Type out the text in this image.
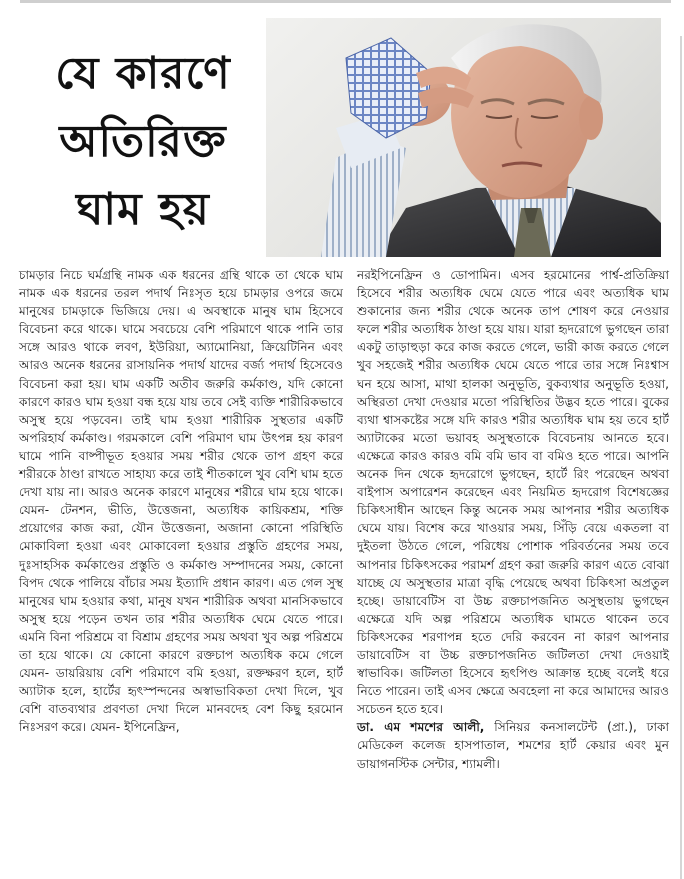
যে কারণে
অতিরিক্ত
ঘাম হয়

চামড়ার নিচে ঘর্মগ্রন্থি নামক এক ধরনের গ্রন্থি থাকে তা থেকে ঘাম নামক এক ধরনের তরল পদার্থ নিঃসৃত হয়ে চামড়ার ওপরে জমে মানুষের চামড়াকে ভিজিয়ে দেয়। এ অবস্থাকে মানুষ ঘাম হিসেবে বিবেচনা করে থাকে। ঘামে সবচেয়ে বেশি পরিমাণে থাকে পানি তার সঙ্গে আরও থাকে লবণ, ইউরিয়া, অ্যামোনিয়া, ক্রিয়েটিনিন এবং আরও অনেক ধরনের রাসায়নিক পদার্থ যাদের বর্জ্য পদার্থ হিসেবেও বিবেচনা করা হয়। ঘাম একটি অতীব জরুরি কর্মকাণ্ড, যদি কোনো কারণে কারও ঘাম হওয়া বন্ধ হয়ে যায় তবে সেই ব্যক্তি শারীরিকভাবে অসুস্থ হয়ে পড়বেন। তাই ঘাম হওয়া শারীরিক সুস্থতার একটি অপরিহার্য কর্মকাণ্ড। গরমকালে বেশি পরিমাণ ঘাম উৎপন্ন হয় কারণ ঘামে পানি বাষ্পীভূত হওয়ার সময় শরীর থেকে তাপ গ্রহণ করে শরীরকে ঠাণ্ডা রাখতে সাহায্য করে তাই শীতকালে খুব বেশি ঘাম হতে দেখা যায় না। আরও অনেক কারণে মানুষের শরীরে ঘাম হয়ে থাকে। যেমন- টেনশন, ভীতি, উত্তেজনা, অত্যধিক কায়িকশ্রম, শক্তি প্রয়োগের কাজ করা, যৌন উত্তেজনা, অজানা কোনো পরিস্থিতি মোকাবিলা হওয়া এবং মোকাবেলা হওয়ার প্রস্তুতি গ্রহণের সময়, দুঃসাহসিক কর্মকাণ্ডের প্রস্তুতি ও কর্মকাণ্ড সম্পাদনের সময়, কোনো বিপদ থেকে পালিয়ে বাঁচার সময় ইত্যাদি প্রধান কারণ। এত গেল সুস্থ মানুষের ঘাম হওয়ার কথা, মানুষ যখন শারীরিক অথবা মানসিকভাবে অসুস্থ হয়ে পড়েন তখন তার শরীর অত্যধিক ঘেমে যেতে পারে। এমনি বিনা পরিশ্রমে বা বিশ্রাম গ্রহণের সময় অথবা খুব অল্প পরিশ্রমে তা হয়ে থাকে। যে কোনো কারণে রক্তচাপ অত্যধিক কমে গেলে যেমন- ডায়রিয়ায় বেশি পরিমাণে বমি হওয়া, রক্তক্ষরণ হলে, হার্ট অ্যাটাক হলে, হার্টের হৃৎস্পন্দনের অস্বাভাবিকতা দেখা দিলে, খুব বেশি বাতব্যথার প্রবণতা দেখা দিলে মানবদেহ বেশ কিছু হরমোন নিঃসরণ করে। যেমন- ইপিনেফ্রিন,

নরইপিনেফ্রিন ও ডোপামিন। এসব হরমোনের পার্শ্ব-প্রতিক্রিয়া হিসেবে শরীর অত্যধিক ঘেমে যেতে পারে এবং অত্যধিক ঘাম শুকানোর জন্য শরীর থেকে অনেক তাপ শোষণ করে নেওয়ার ফলে শরীর অত্যধিক ঠাণ্ডা হয়ে যায়। যারা হৃদরোগে ভুগছেন তারা একটু তাড়াহুড়া করে কাজ করতে গেলে, ভারী কাজ করতে গেলে খুব সহজেই শরীর অত্যধিক ঘেমে যেতে পারে তার সঙ্গে নিঃশ্বাস ঘন হয়ে আসা, মাথা হালকা অনুভূতি, বুকব্যথার অনুভূতি হওয়া, অস্থিরতা দেখা দেওয়ার মতো পরিস্থিতির উদ্ভব হতে পারে। বুকের ব্যথা শ্বাসকষ্টের সঙ্গে যদি কারও শরীর অত্যধিক ঘাম হয় তবে হার্ট অ্যাটাকের মতো ভয়াবহ অসুস্থতাকে বিবেচনায় আনতে হবে। এক্ষেত্রে কারও কারও বমি বমি ভাব বা বমিও হতে পারে। আপনি অনেক দিন থেকে হৃদরোগে ভুগছেন, হার্টে রিং পরেছেন অথবা বাইপাস অপারেশন করেছেন এবং নিয়মিত হৃদরোগ বিশেষজ্ঞের চিকিৎসাধীন আছেন কিন্তু অনেক সময় আপনার শরীর অত্যধিক ঘেমে যায়। বিশেষ করে খাওয়ার সময়, সিঁড়ি বেয়ে একতলা বা দুইতলা উঠতে গেলে, পরিধেয় পোশাক পরিবর্তনের সময় তবে আপনার চিকিৎসকের পরামর্শ গ্রহণ করা জরুরি কারণ এতে বোঝা যাচ্ছে যে অসুস্থতার মাত্রা বৃদ্ধি পেয়েছে অথবা চিকিৎসা অপ্রতুল হচ্ছে। ডায়াবেটিস বা উচ্চ রক্তচাপজনিত অসুস্থতায় ভুগছেন এক্ষেত্রে যদি অল্প পরিশ্রমে অত্যধিক ঘামতে থাকেন তবে চিকিৎসকের শরণাপন্ন হতে দেরি করবেন না কারণ আপনার ডায়াবেটিস বা উচ্চ রক্তচাপজনিত জটিলতা দেখা দেওয়াই স্বাভাবিক। জটিলতা হিসেবে হৃৎপিণ্ড আক্রান্ত হচ্ছে বলেই ধরে নিতে পারেন। তাই এসব ক্ষেত্রে অবহেলা না করে আমাদের আরও সচেতন হতে হবে।

ডা. এম শমশের আলী, সিনিয়র কনসালটেন্ট (প্রা.), ঢাকা মেডিকেল কলেজ হাসপাতাল, শমশের হার্ট কেয়ার এবং মুন ডায়াগনস্টিক সেন্টার, শ্যামলী।
